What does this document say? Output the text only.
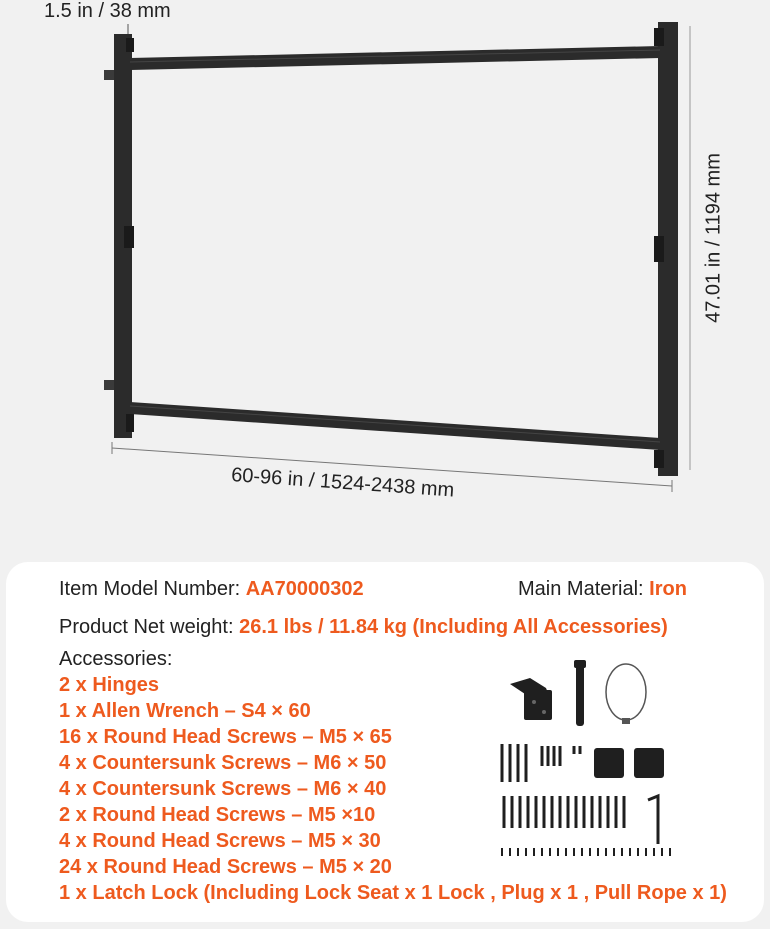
1.5 in / 38 mm
47.01 in / 1194 mm
60-96 in / 1524-2438 mm
Item Model Number: AA70000302	Main Material: Iron
Product Net weight: 26.1 lbs / 11.84 kg (Including All Accessories)
Accessories:
2 x Hinges
1 x Allen Wrench – S4 × 60
16 x Round Head Screws – M5 × 65
4 x Countersunk Screws – M6 × 50
4 x Countersunk Screws – M6 × 40
2 x Round Head Screws – M5 ×10
4 x Round Head Screws – M5 × 30
24 x Round Head Screws – M5 × 20
1 x Latch Lock (Including Lock Seat x 1 Lock , Plug x 1 , Pull Rope x 1)
